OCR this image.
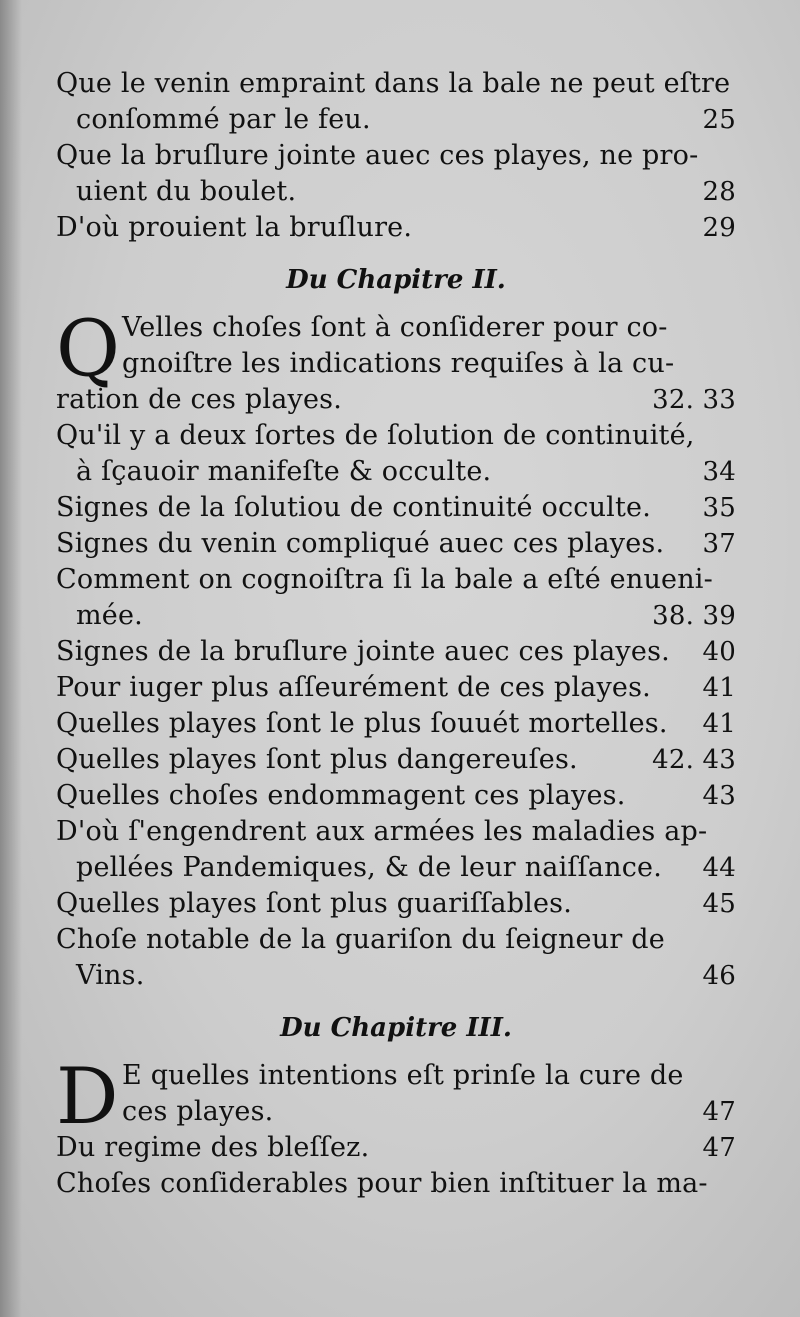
Que le venin empraint dans la bale ne peut eſtre
conſommé par le feu.	25
Que la bruſlure jointe auec ces playes, ne pro-
uient du boulet.	28
D'où prouient la bruſlure.	29
Du Chapitre II.
Q Velles choſes ſont à conſiderer pour co-
gnoiſtre les indications requiſes à la cu-
ration de ces playes.	32. 33
Qu'il y a deux ſortes de ſolution de continuité,
à ſçauoir manifeſte & occulte.	34
Signes de la ſolutiou de continuité occulte.	35
Signes du venin compliqué auec ces playes.	37
Comment on cognoiſtra ſi la bale a eſté enueni-
mée.	38. 39
Signes de la bruſlure jointe auec ces playes.	40
Pour iuger plus aſſeurément de ces playes.	41
Quelles playes ſont le plus ſouuét mortelles.	41
Quelles playes ſont plus dangereuſes.	42. 43
Quelles choſes endommagent ces playes.	43
D'où ſ'engendrent aux armées les maladies ap-
pellées Pandemiques, & de leur naiſſance.	44
Quelles playes ſont plus guariſſables.	45
Choſe notable de la guariſon du ſeigneur de
Vins.	46
Du Chapitre III.
D E quelles intentions eſt prinſe la cure de
ces playes.	47
Du regime des bleſſez.	47
Choſes conſiderables pour bien inſtituer la ma-
